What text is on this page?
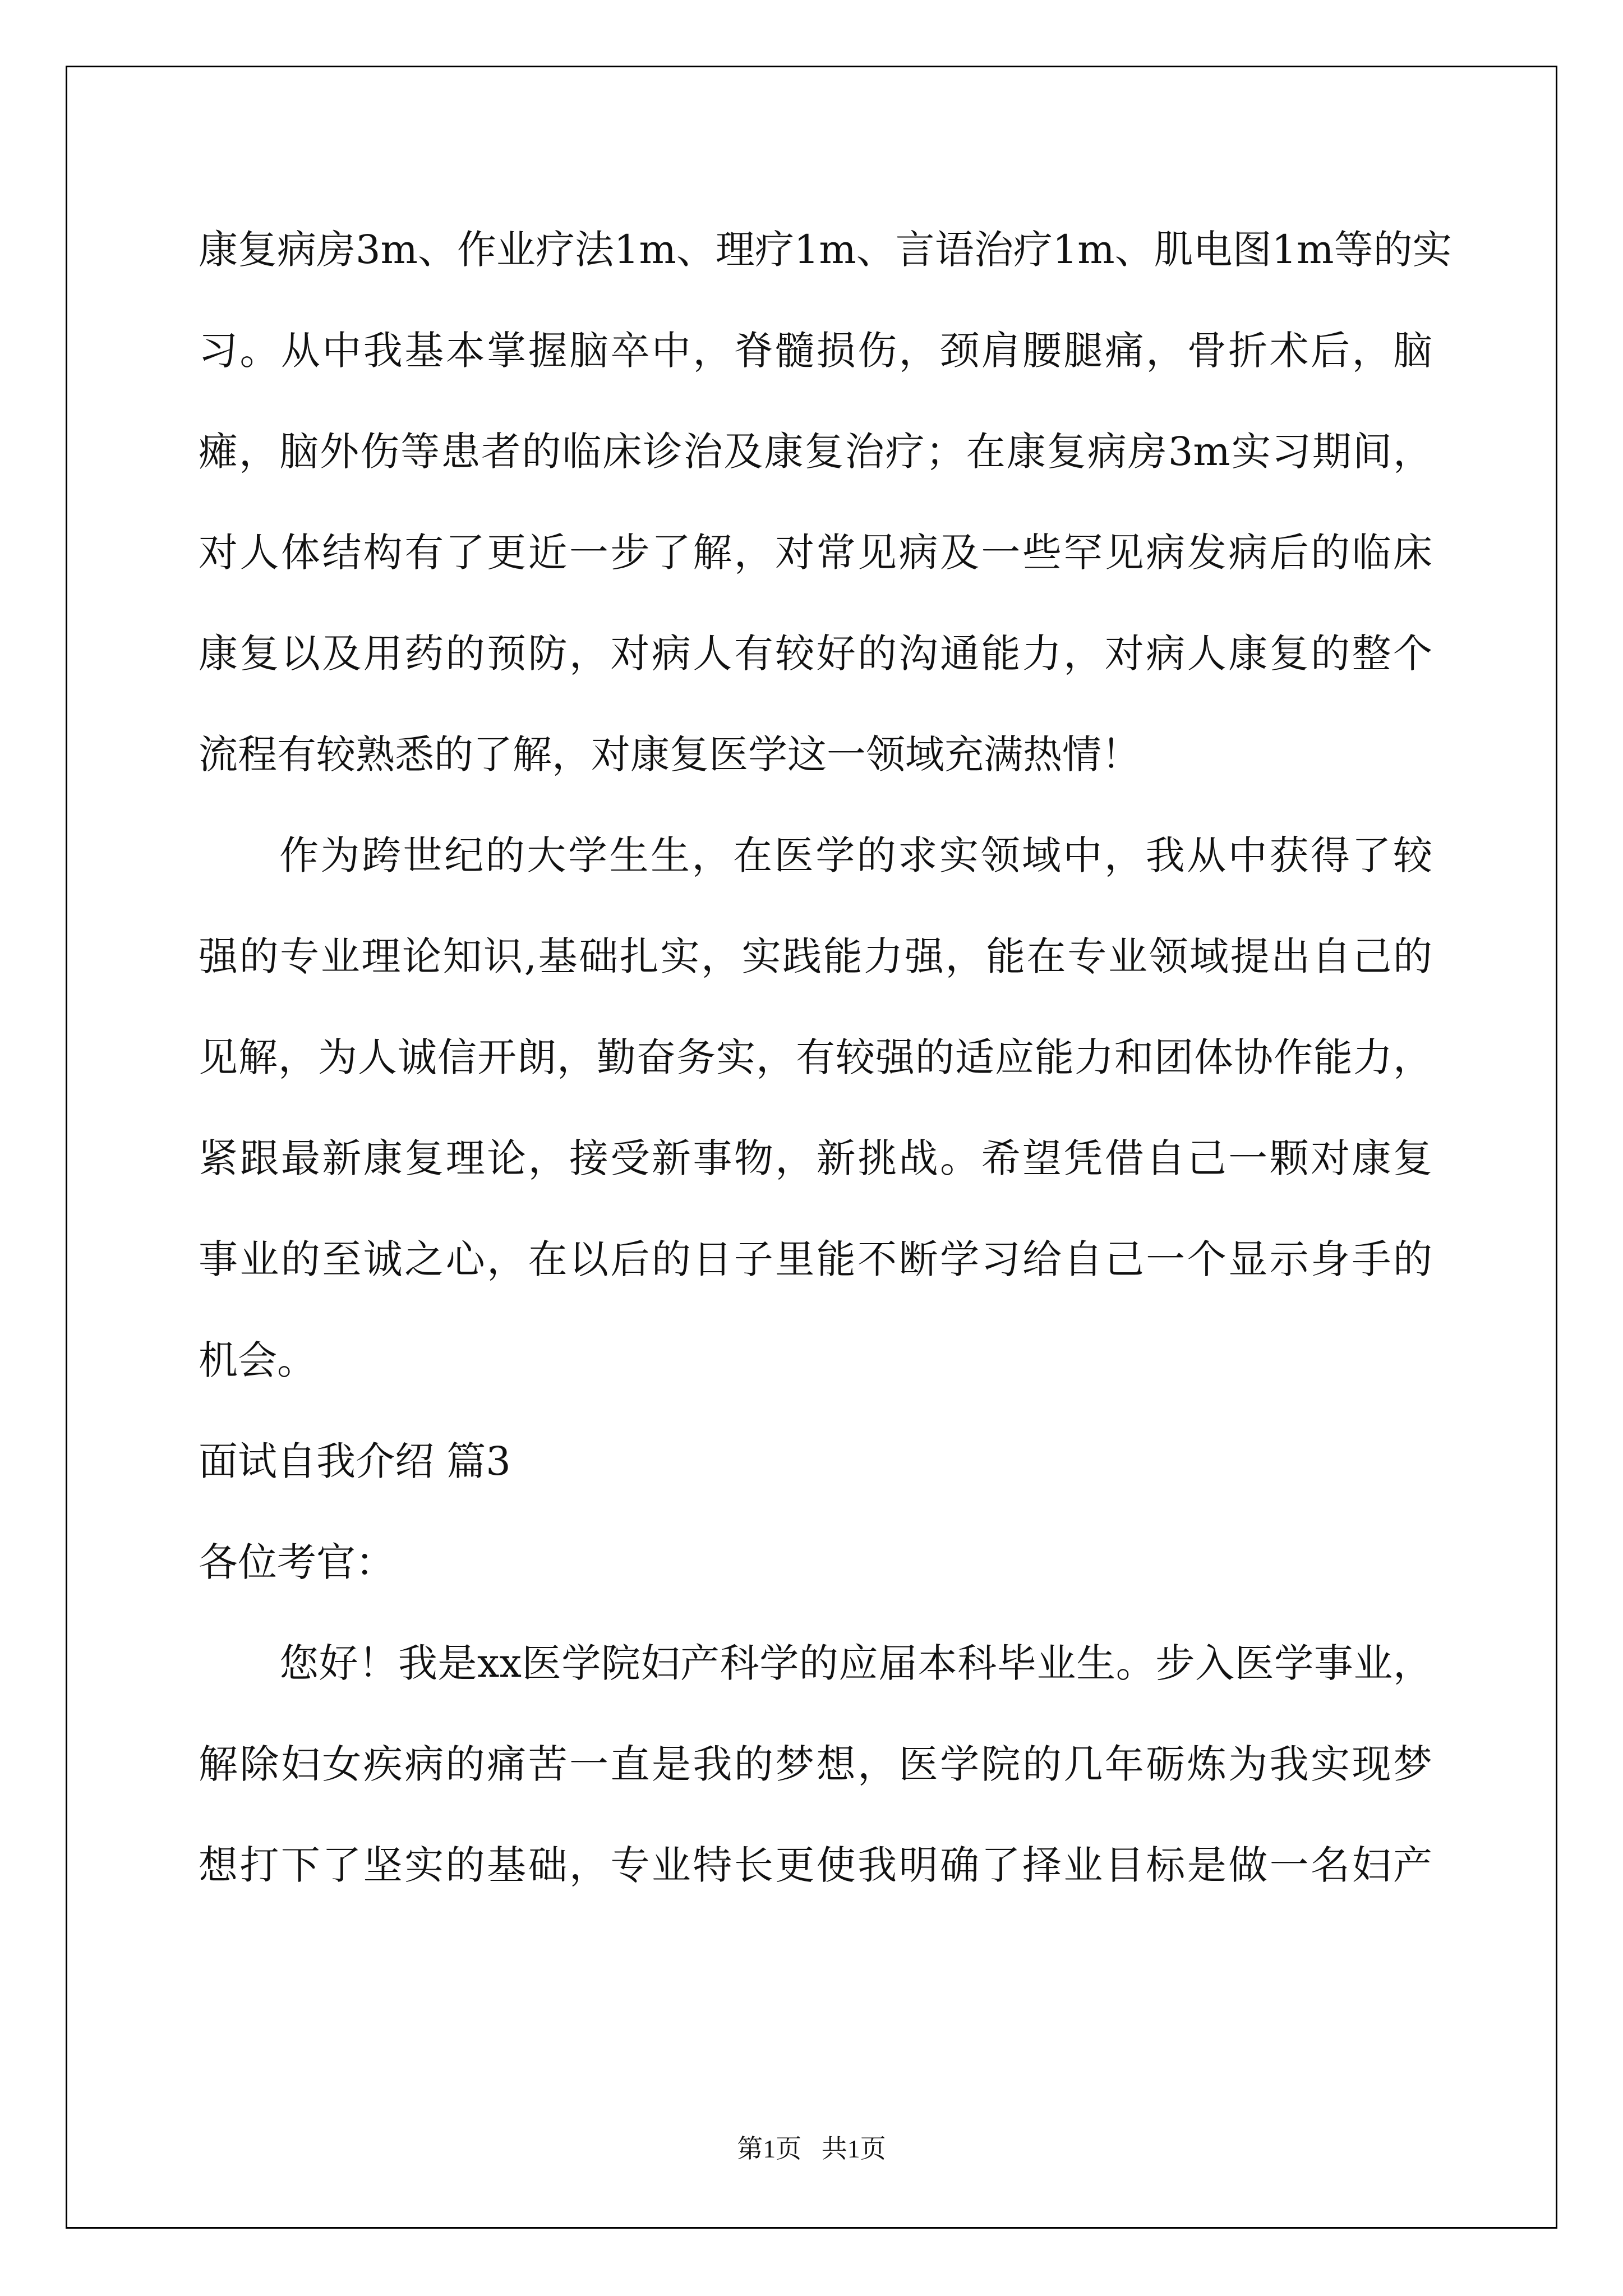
康复病房3m、作业疗法1m、理疗1m、言语治疗1m、肌电图1m等的实
习。从中我基本掌握脑卒中，脊髓损伤，颈肩腰腿痛，骨折术后，脑
瘫，脑外伤等患者的临床诊治及康复治疗；在康复病房3m实习期间，
对人体结构有了更近一步了解，对常见病及一些罕见病发病后的临床
康复以及用药的预防，对病人有较好的沟通能力，对病人康复的整个
流程有较熟悉的了解，对康复医学这一领域充满热情！
作为跨世纪的大学生生，在医学的求实领域中，我从中获得了较
强的专业理论知识,基础扎实，实践能力强，能在专业领域提出自己的
见解，为人诚信开朗，勤奋务实，有较强的适应能力和团体协作能力，
紧跟最新康复理论，接受新事物，新挑战。希望凭借自己一颗对康复
事业的至诚之心，在以后的日子里能不断学习给自己一个显示身手的
机会。
面试自我介绍 篇3
各位考官：
您好！我是xx医学院妇产科学的应届本科毕业生。步入医学事业，
解除妇女疾病的痛苦一直是我的梦想，医学院的几年砺炼为我实现梦
想打下了坚实的基础，专业特长更使我明确了择业目标是做一名妇产
第1页 共1页
